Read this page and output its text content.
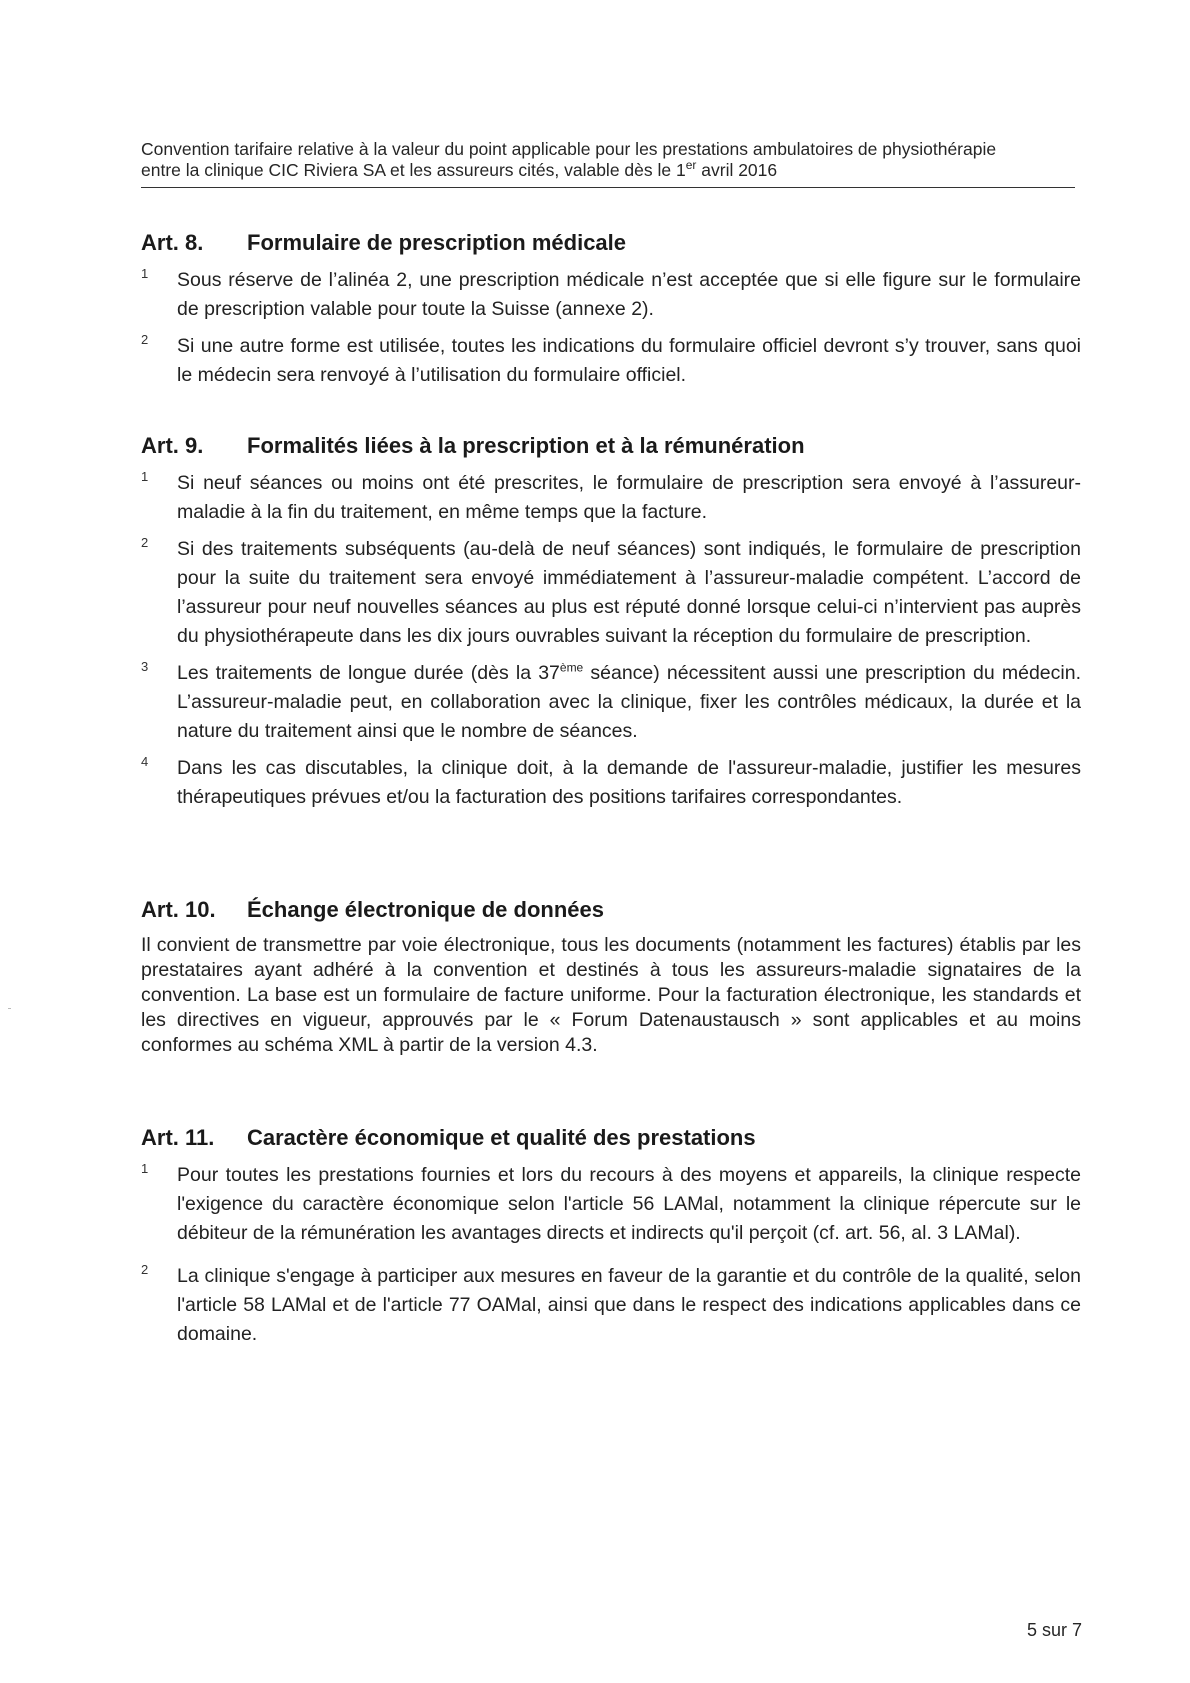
Convention tarifaire relative à la valeur du point applicable pour les prestations ambulatoires de physiothérapie
entre la clinique CIC Riviera SA et les assureurs cités, valable dès le 1er avril 2016
Art. 8. Formulaire de prescription médicale
1 Sous réserve de l’alinéa 2, une prescription médicale n’est acceptée que si elle figure sur le formulaire de prescription valable pour toute la Suisse (annexe 2).
2 Si une autre forme est utilisée, toutes les indications du formulaire officiel devront s’y trouver, sans quoi le médecin sera renvoyé à l’utilisation du formulaire officiel.
Art. 9. Formalités liées à la prescription et à la rémunération
1 Si neuf séances ou moins ont été prescrites, le formulaire de prescription sera envoyé à l’assureur-maladie à la fin du traitement, en même temps que la facture.
2 Si des traitements subséquents (au-delà de neuf séances) sont indiqués, le formulaire de prescription pour la suite du traitement sera envoyé immédiatement à l’assureur-maladie compétent. L’accord de l’assureur pour neuf nouvelles séances au plus est réputé donné lorsque celui-ci n’intervient pas auprès du physiothérapeute dans les dix jours ouvrables suivant la réception du formulaire de prescription.
3 Les traitements de longue durée (dès la 37ème séance) nécessitent aussi une prescription du médecin. L’assureur-maladie peut, en collaboration avec la clinique, fixer les contrôles médicaux, la durée et la nature du traitement ainsi que le nombre de séances.
4 Dans les cas discutables, la clinique doit, à la demande de l'assureur-maladie, justifier les mesures thérapeutiques prévues et/ou la facturation des positions tarifaires correspondantes.
Art. 10. Échange électronique de données
Il convient de transmettre par voie électronique, tous les documents (notamment les factures) établis par les prestataires ayant adhéré à la convention et destinés à tous les assureurs-maladie signataires de la convention. La base est un formulaire de facture uniforme. Pour la facturation électronique, les standards et les directives en vigueur, approuvés par le « Forum Datenaustausch » sont applicables et au moins conformes au schéma XML à partir de la version 4.3.
Art. 11. Caractère économique et qualité des prestations
1 Pour toutes les prestations fournies et lors du recours à des moyens et appareils, la clinique respecte l'exigence du caractère économique selon l'article 56 LAMal, notamment la clinique répercute sur le débiteur de la rémunération les avantages directs et indirects qu'il perçoit (cf. art. 56, al. 3 LAMal).
2 La clinique s'engage à participer aux mesures en faveur de la garantie et du contrôle de la qualité, selon l'article 58 LAMal et de l'article 77 OAMal, ainsi que dans le respect des indications applicables dans ce domaine.
5 sur 7
